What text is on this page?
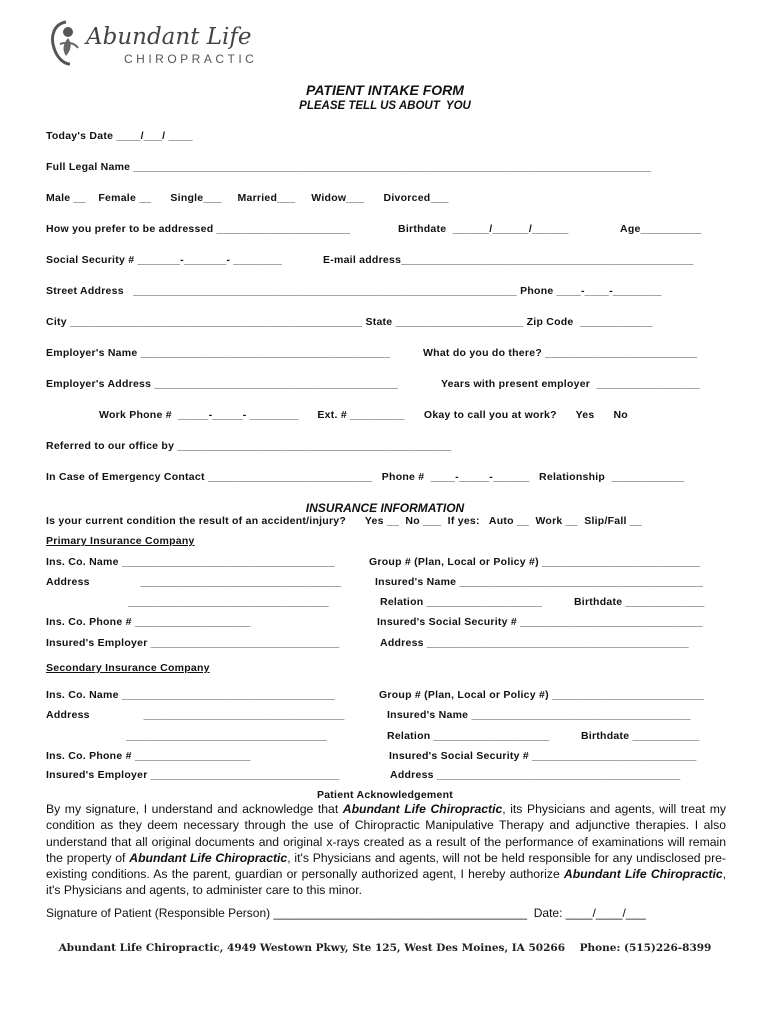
Abundant Life
CHIROPRACTIC
PATIENT INTAKE FORM
PLEASE TELL US ABOUT  YOU
Today's Date ____/___/ ____
Full Legal Name _____________________________________________________________________________________
Male __    Female __      Single___     Married___     Widow___      Divorced___
How you prefer to be addressed ______________________	Birthdate  ______/______/______	Age__________
Social Security # _______-_______- ________	E-mail address________________________________________________
Street Address   _______________________________________________________________ Phone ____-____-________
City ________________________________________________ State _____________________ Zip Code  ____________
Employer's Name _________________________________________	What do you do there? _________________________
Employer's Address ________________________________________	Years with present employer  _________________
Work Phone #  _____-_____- ________      Ext. # _________      Okay to call you at work?      Yes      No
Referred to our office by _____________________________________________
In Case of Emergency Contact ___________________________   Phone #  ____-_____-______   Relationship  ____________
INSURANCE INFORMATION
Is your current condition the result of an accident/injury?      Yes __  No ___  If yes:   Auto __  Work __  Slip/Fall __
Primary Insurance Company
Ins. Co. Name ___________________________________	Group # (Plan, Local or Policy #) __________________________
Address                _________________________________	Insured's Name ________________________________________
_________________________________	Relation ___________________          Birthdate _____________
Ins. Co. Phone # ___________________	Insured's Social Security # ______________________________
Insured's Employer _______________________________	Address ___________________________________________
Secondary Insurance Company
Ins. Co. Name ___________________________________	Group # (Plan, Local or Policy #) _________________________
Address                 _________________________________	Insured's Name ____________________________________
_________________________________	Relation ___________________          Birthdate ___________
Ins. Co. Phone # ___________________	Insured's Social Security # ___________________________
Insured's Employer _______________________________	Address ________________________________________
Patient Acknowledgement
By my signature, I understand and acknowledge that Abundant Life Chiropractic, its Physicians and agents, will treat my condition as they deem necessary through the use of Chiropractic Manipulative Therapy and adjunctive therapies. I also understand that all original documents and original x-rays created as a result of the performance of examinations will remain the property of Abundant Life Chiropractic, it's Physicians and agents, will not be held responsible for any undisclosed pre-existing conditions. As the parent, guardian or personally authorized agent, I hereby authorize Abundant Life Chiropractic, it's Physicians and agents, to administer care to this minor.
Signature of Patient (Responsible Person) ______________________________________  Date: ____/____/___
Abundant Life Chiropractic, 4949 Westown Pkwy, Ste 125, West Des Moines, IA 50266    Phone: (515)226-8399
